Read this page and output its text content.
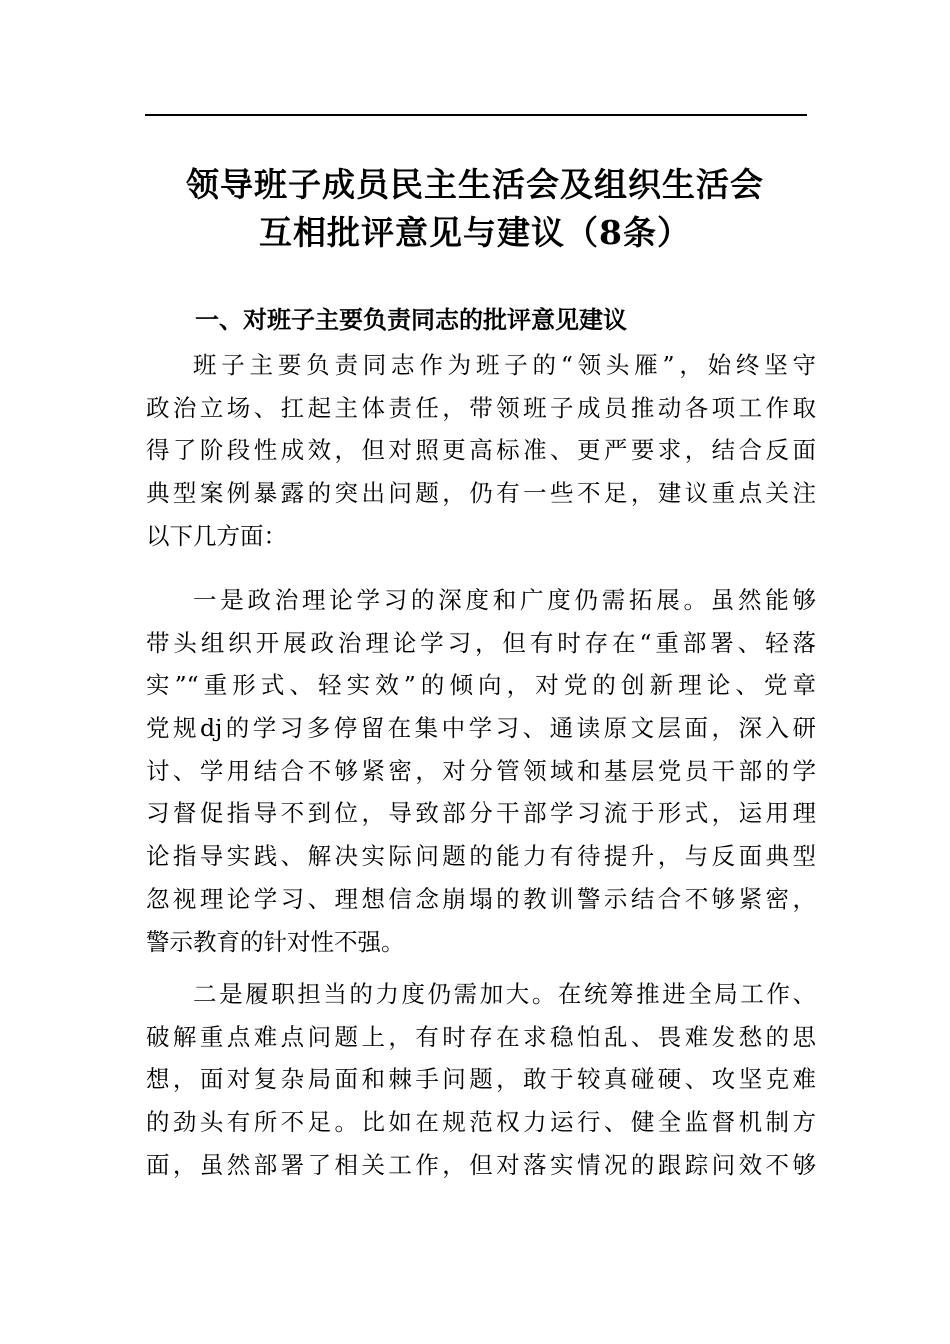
领导班子成员民主生活会及组织生活会
互相批评意见与建议（8条）
一、对班子主要负责同志的批评意见建议
班子主要负责同志作为班子的“领头雁”，始终坚守
政治立场、扛起主体责任，带领班子成员推动各项工作取
得了阶段性成效，但对照更高标准、更严要求，结合反面
典型案例暴露的突出问题，仍有一些不足，建议重点关注
以下几方面：
一是政治理论学习的深度和广度仍需拓展。虽然能够
带头组织开展政治理论学习，但有时存在“重部署、轻落
实”“重形式、轻实效”的倾向，对党的创新理论、党章
党规dj的学习多停留在集中学习、通读原文层面，深入研
讨、学用结合不够紧密，对分管领域和基层党员干部的学
习督促指导不到位，导致部分干部学习流于形式，运用理
论指导实践、解决实际问题的能力有待提升，与反面典型
忽视理论学习、理想信念崩塌的教训警示结合不够紧密，
警示教育的针对性不强。
二是履职担当的力度仍需加大。在统筹推进全局工作、
破解重点难点问题上，有时存在求稳怕乱、畏难发愁的思
想，面对复杂局面和棘手问题，敢于较真碰硬、攻坚克难
的劲头有所不足。比如在规范权力运行、健全监督机制方
面，虽然部署了相关工作，但对落实情况的跟踪问效不够
